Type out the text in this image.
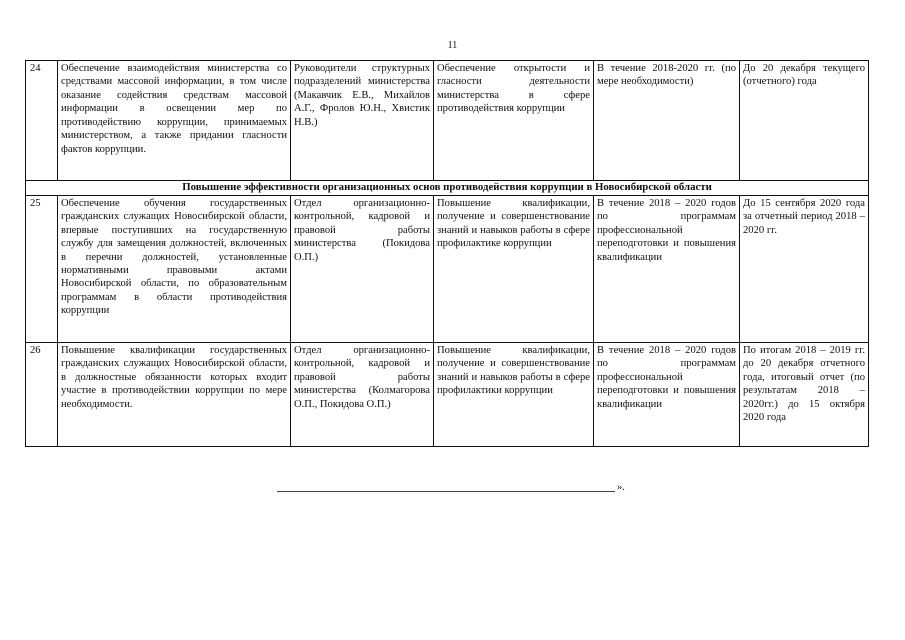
11
24	Обеспечение взаимодействия министерства со средствами массовой информации, в том числе оказание содействия средствам массовой информации в освещении мер по противодействию коррупции, принимаемых министерством, а также придании гласности фактов коррупции.	Руководители структурных подразделений министерства (Макавчик Е.В., Михайлов А.Г., Фролов Ю.Н., Хвистик Н.В.)	Обеспечение открытости и гласности деятельности министерства в сфере противодействия коррупции	В течение 2018-2020 гг. (по мере необходимости)	До 20 декабря текущего (отчетного) года
Повышение эффективности организационных основ противодействия коррупции в Новосибирской области					
25	Обеспечение обучения государственных гражданских служащих Новосибирской области, впервые поступивших на государственную службу для замещения должностей, включенных в перечни должностей, установленные нормативными правовыми актами Новосибирской области, по образовательным программам в области противодействия коррупции	Отдел организационно-контрольной, кадровой и правовой работы министерства (Покидова О.П.)	Повышение квалификации, получение и совершенствование знаний и навыков работы в сфере профилактике коррупции	В течение 2018 – 2020 годов по программам профессиональной переподготовки и повышения квалификации	До 15 сентября 2020 года за отчетный период 2018 – 2020 гг.
26	Повышение квалификации государственных гражданских служащих Новосибирской области, в должностные обязанности которых входит участие в противодействии коррупции по мере необходимости.	Отдел организационно-контрольной, кадровой и правовой работы министерства (Колмагорова О.П., Покидова О.П.)	Повышение квалификации, получение и совершенствование знаний и навыков работы в сфере профилактики коррупции	В течение 2018 – 2020 годов по программам профессиональной переподготовки и повышения квалификации	По итогам 2018 – 2019 гг. до 20 декабря отчетного года, итоговый отчет (по результатам 2018 – 2020гг.) до 15 октября 2020 года
».
